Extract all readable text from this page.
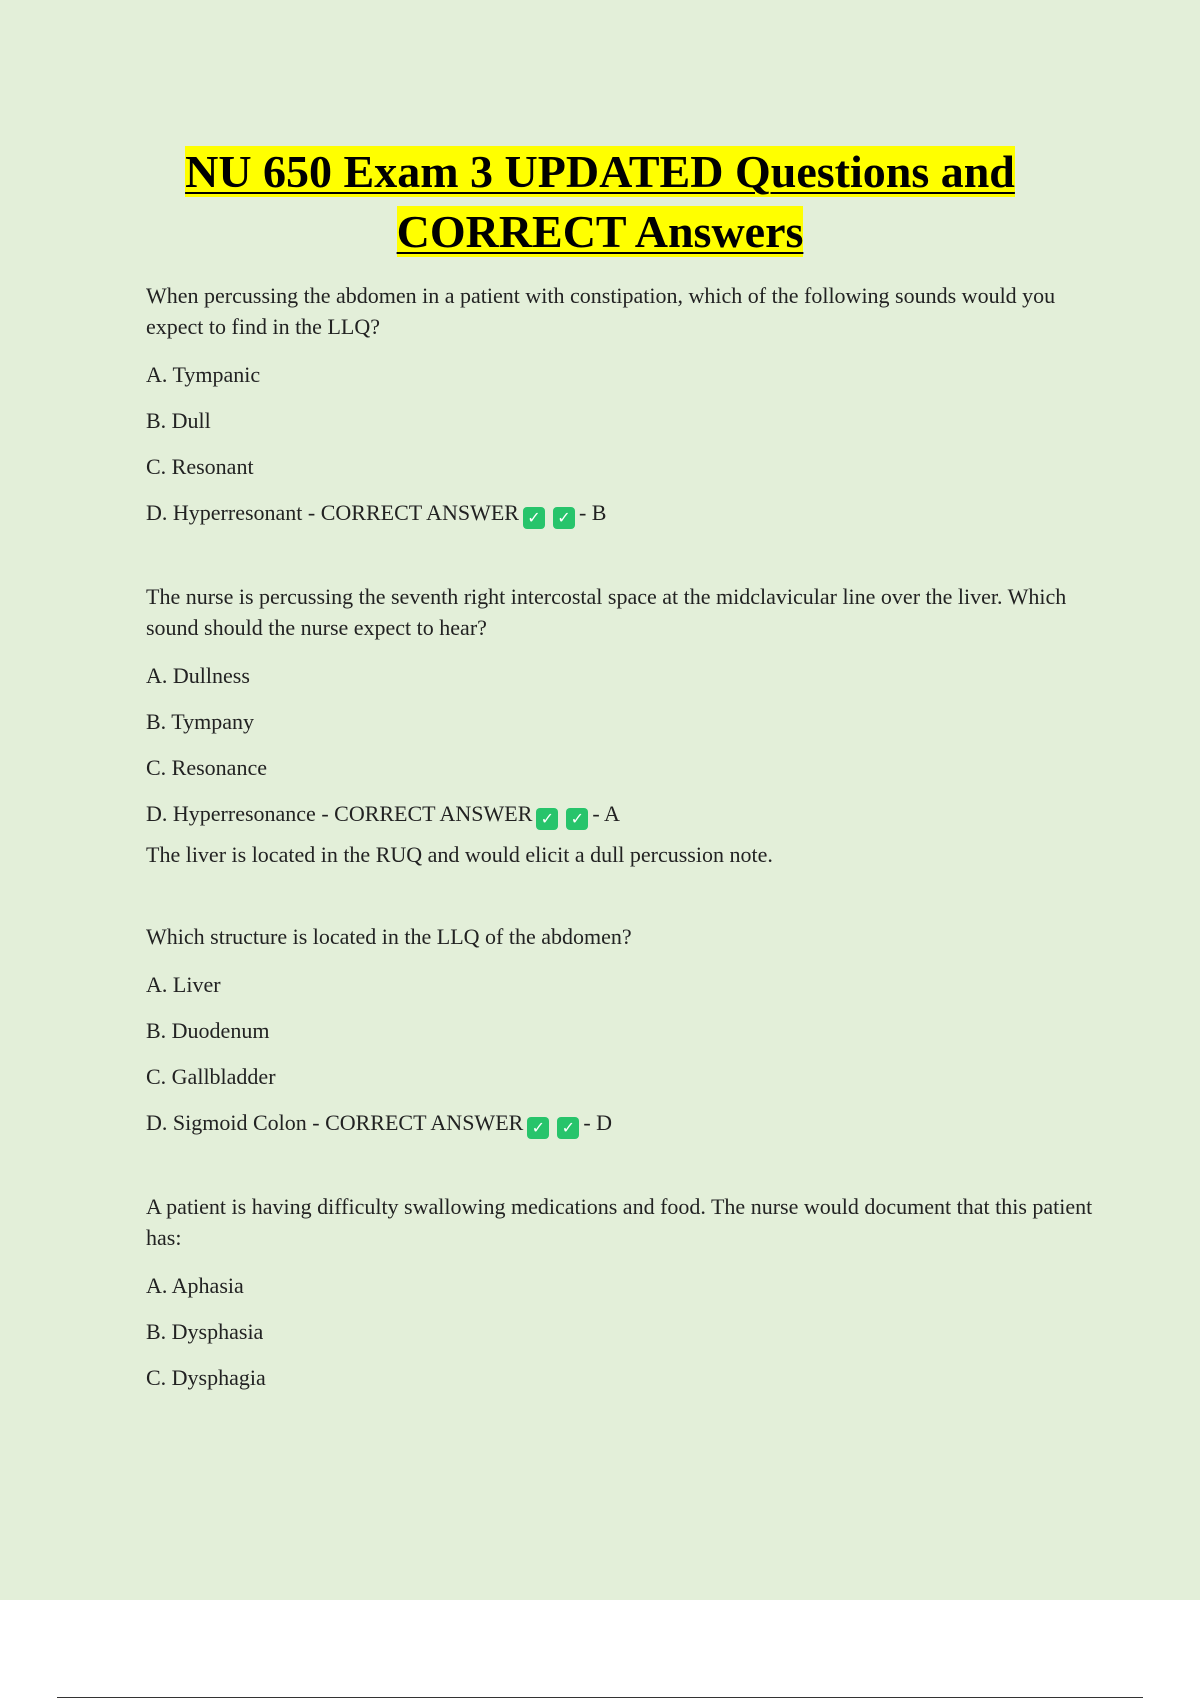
NU 650 Exam 3 UPDATED Questions and
CORRECT Answers

When percussing the abdomen in a patient with constipation, which of the following sounds would you expect to find in the LLQ?

A. Tympanic

B. Dull

C. Resonant

D. Hyperresonant - CORRECT ANSWER ✓ ✓ - B

The nurse is percussing the seventh right intercostal space at the midclavicular line over the liver. Which sound should the nurse expect to hear?

A. Dullness

B. Tympany

C. Resonance

D. Hyperresonance - CORRECT ANSWER ✓ ✓ - A

The liver is located in the RUQ and would elicit a dull percussion note.

Which structure is located in the LLQ of the abdomen?

A. Liver

B. Duodenum

C. Gallbladder

D. Sigmoid Colon - CORRECT ANSWER ✓ ✓ - D

A patient is having difficulty swallowing medications and food. The nurse would document that this patient has:

A. Aphasia

B. Dysphasia

C. Dysphagia
